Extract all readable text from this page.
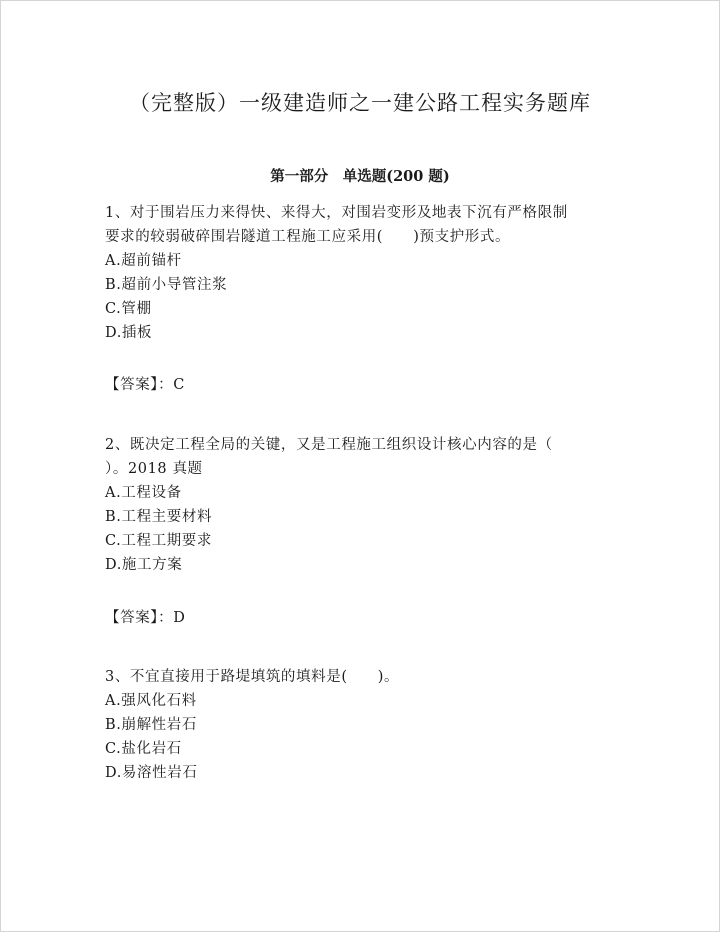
（完整版）一级建造师之一建公路工程实务题库
第一部分　单选题(200 题)

1、对于围岩压力来得快、来得大，对围岩变形及地表下沉有严格限制

要求的较弱破碎围岩隧道工程施工应采用(　　)预支护形式。

A.超前锚杆

B.超前小导管注浆

C.管棚

D.插板

【答案】：C

2、既决定工程全局的关键，又是工程施工组织设计核心内容的是（

）。2018 真题

A.工程设备

B.工程主要材料

C.工程工期要求

D.施工方案

【答案】：D

3、不宜直接用于路堤填筑的填料是(　　)。

A.强风化石料

B.崩解性岩石

C.盐化岩石

D.易溶性岩石
